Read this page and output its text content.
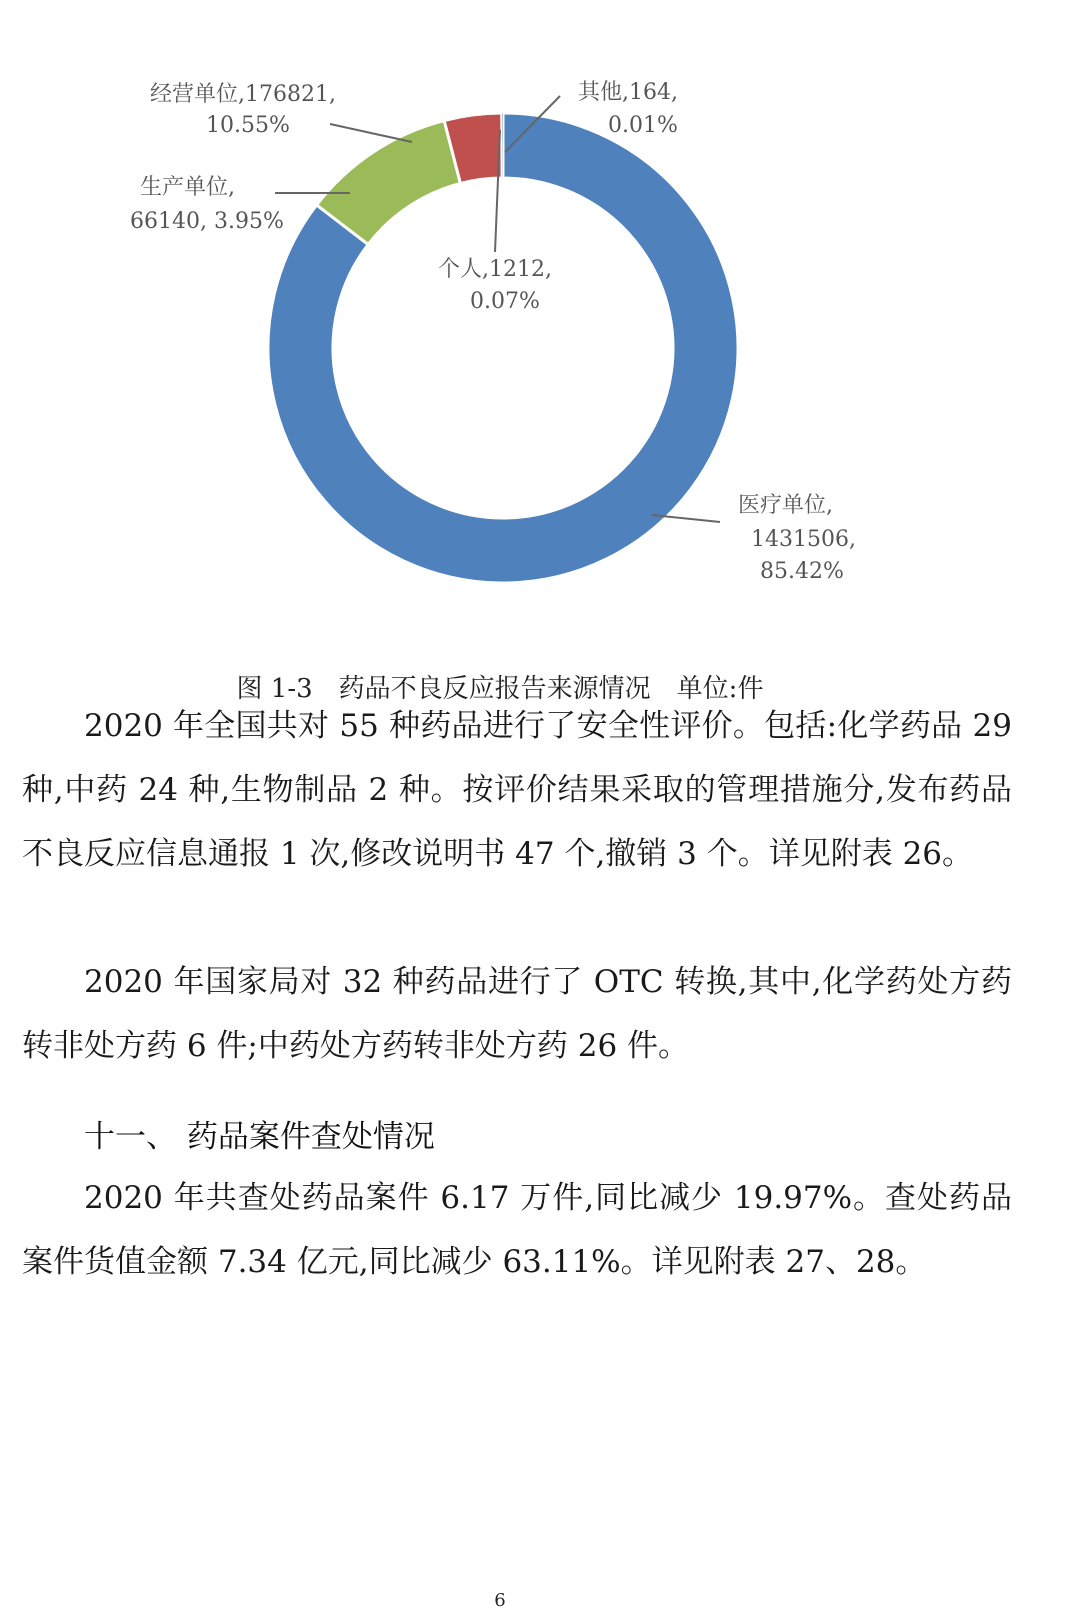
医疗单位,
1431506,
85.42%
经营单位,176821,
10.55%
生产单位,
66140, 3.95%
个人,1212,
0.07%
其他,164,
0.01%
图 1-3　药品不良反应报告来源情况　单位:件

2020 年全国共对 55 种药品进行了安全性评价。包括:化学药品 29 种,中药 24 种,生物制品 2 种。按评价结果采取的管理措施分,发布药品不良反应信息通报 1 次,修改说明书 47 个,撤销 3 个。详见附表 26。

2020 年国家局对 32 种药品进行了 OTC 转换,其中,化学药处方药转非处方药 6 件;中药处方药转非处方药 26 件。

十一、 药品案件查处情况

2020 年共查处药品案件 6.17 万件,同比减少 19.97%。查处药品案件货值金额 7.34 亿元,同比减少 63.11%。详见附表 27、28。

6
